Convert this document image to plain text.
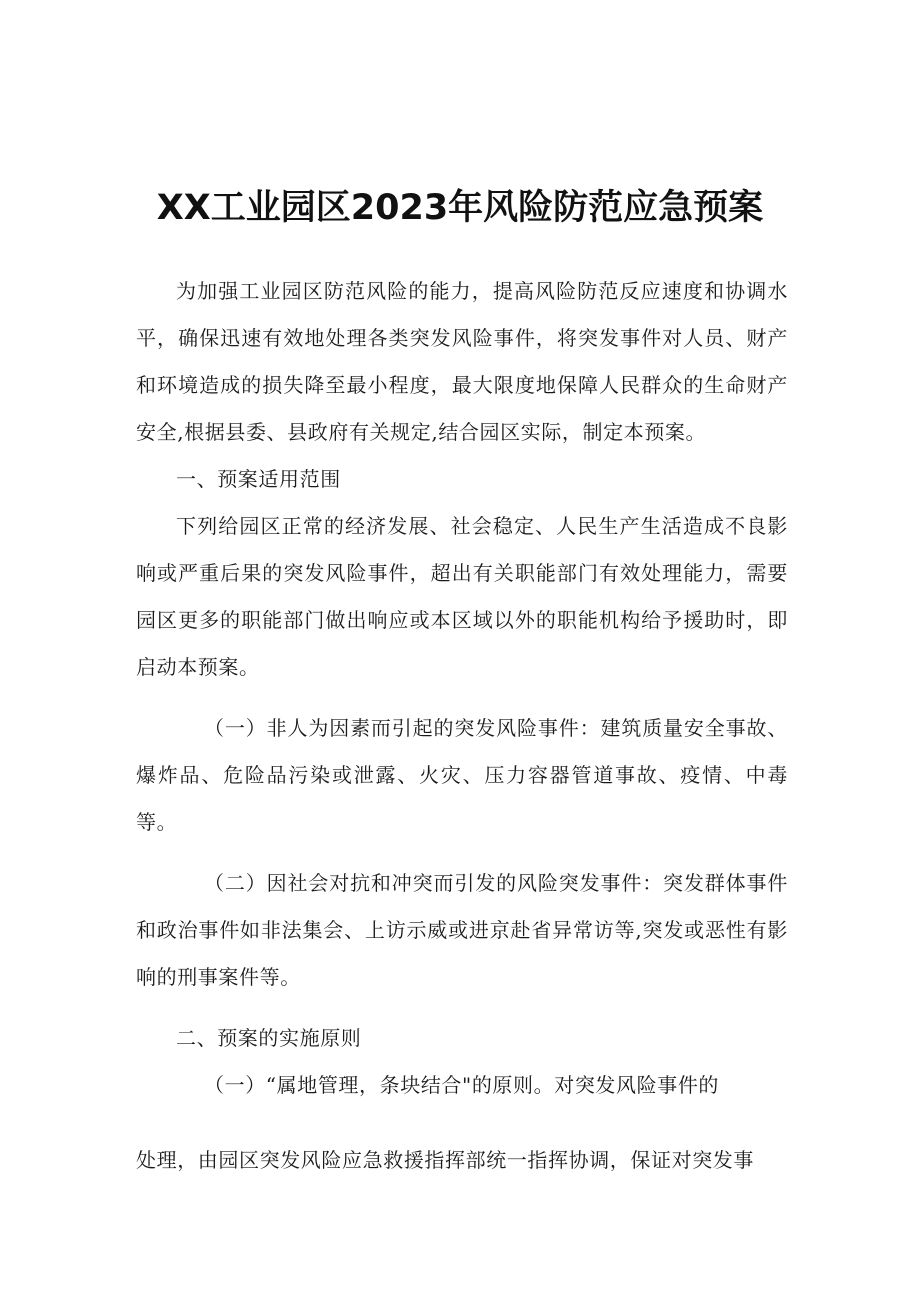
XX工业园区2023年风险防范应急预案

为加强工业园区防范风险的能力，提高风险防范反应速度和协调水平，确保迅速有效地处理各类突发风险事件，将突发事件对人员、财产和环境造成的损失降至最小程度，最大限度地保障人民群众的生命财产安全,根据县委、县政府有关规定,结合园区实际，制定本预案。

一、预案适用范围

下列给园区正常的经济发展、社会稳定、人民生产生活造成不良影响或严重后果的突发风险事件，超出有关职能部门有效处理能力，需要园区更多的职能部门做出响应或本区域以外的职能机构给予援助时，即启动本预案。

（一）非人为因素而引起的突发风险事件：建筑质量安全事故、爆炸品、危险品污染或泄露、火灾、压力容器管道事故、疫情、中毒等。

（二）因社会对抗和冲突而引发的风险突发事件：突发群体事件和政治事件如非法集会、上访示威或进京赴省异常访等,突发或恶性有影响的刑事案件等。

二、预案的实施原则

（一）“属地管理，条块结合"的原则。对突发风险事件的

处理，由园区突发风险应急救援指挥部统一指挥协调，保证对突发事
